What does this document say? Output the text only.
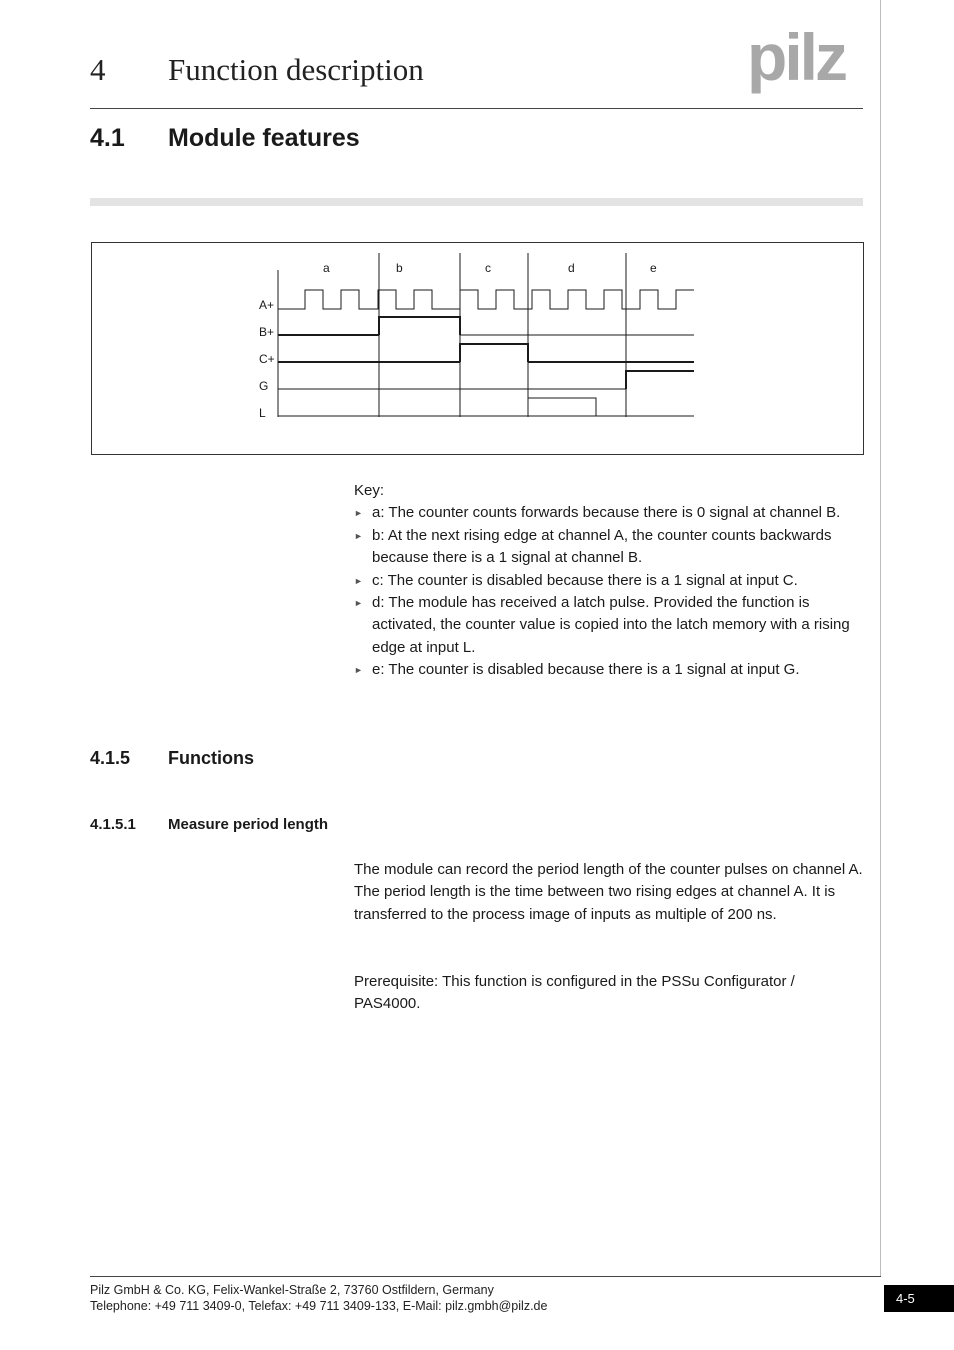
4 Function description	pilz
4.1 Module features
a	b	c	d	e
A+
B+
C+
G
L
Key:
► a: The counter counts forwards because there is 0 signal at channel B.
► b: At the next rising edge at channel A, the counter counts backwards because there is a 1 signal at channel B.
► c: The counter is disabled because there is a 1 signal at input C.
► d: The module has received a latch pulse. Provided the function is activated, the counter value is copied into the latch memory with a rising edge at input L.
► e: The counter is disabled because there is a 1 signal at input G.
4.1.5 Functions
4.1.5.1 Measure period length

The module can record the period length of the counter pulses on channel A. The period length is the time between two rising edges at channel A. It is transferred to the process image of inputs as multiple of 200 ns.

Prerequisite: This function is configured in the PSSu Configurator / PAS4000.

Pilz GmbH & Co. KG, Felix-Wankel-Straße 2, 73760 Ostfildern, Germany
Telephone: +49 711 3409-0, Telefax: +49 711 3409-133, E-Mail: pilz.gmbh@pilz.de	4-5
